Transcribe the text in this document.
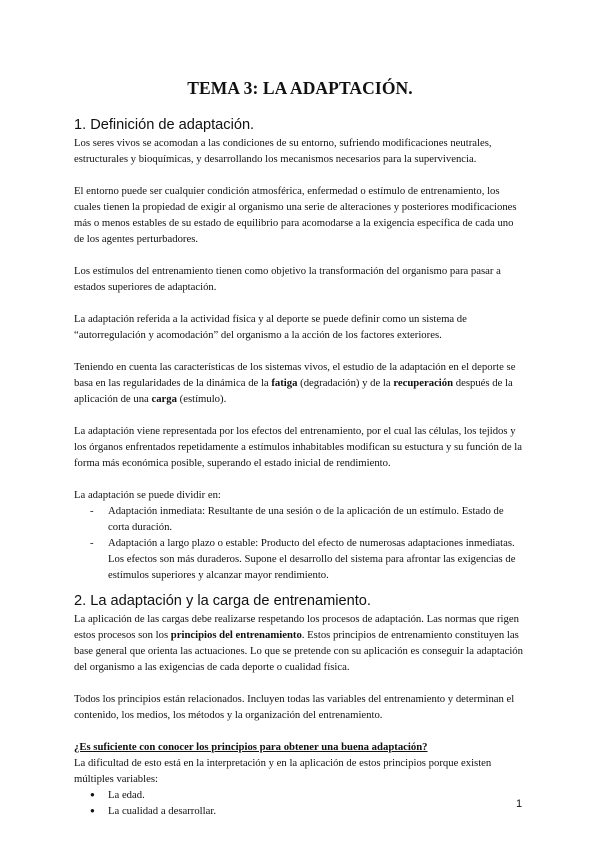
TEMA 3: LA ADAPTACIÓN.
1. Definición de adaptación.

Los seres vivos se acomodan a las condiciones de su entorno, sufriendo modificaciones neutrales, estructurales y bioquímicas, y desarrollando los mecanismos necesarios para la supervivencia.

El entorno puede ser cualquier condición atmosférica, enfermedad o estímulo de entrenamiento, los cuales tienen la propiedad de exigir al organismo una serie de alteraciones y posteriores modificaciones más o menos estables de su estado de equilibrio para acomodarse a la exigencia específica de cada uno de los agentes perturbadores.

Los estímulos del entrenamiento tienen como objetivo la transformación del organismo para pasar a estados superiores de adaptación.

La adaptación referida a la actividad física y al deporte se puede definir como un sistema de “autorregulación y acomodación” del organismo a la acción de los factores exteriores.

Teniendo en cuenta las características de los sistemas vivos, el estudio de la adaptación en el deporte se basa en las regularidades de la dinámica de la fatiga (degradación) y de la recuperación después de la aplicación de una carga (estímulo).

La adaptación viene representada por los efectos del entrenamiento, por el cual las células, los tejidos y los órganos enfrentados repetidamente a estímulos inhabitables modifican su estuctura y su función de la forma más económica posible, superando el estado inicial de rendimiento.

La adaptación se puede dividir en:

- Adaptación inmediata: Resultante de una sesión o de la aplicación de un estímulo. Estado de corta duración.
- Adaptación a largo plazo o estable: Producto del efecto de numerosas adaptaciones inmediatas. Los efectos son más duraderos. Supone el desarrollo del sistema para afrontar las exigencias de estímulos superiores y alcanzar mayor rendimiento.
2. La adaptación y la carga de entrenamiento.

La aplicación de las cargas debe realizarse respetando los procesos de adaptación. Las normas que rigen estos procesos son los principios del entrenamiento. Estos principios de entrenamiento constituyen las base general que orienta las actuaciones. Lo que se pretende con su aplicación es conseguir la adaptación del organismo a las exigencias de cada deporte o cualidad física.

Todos los principios están relacionados. Incluyen todas las variables del entrenamiento y determinan el contenido, los medios, los métodos y la organización del entrenamiento.

¿Es suficiente con conocer los principios para obtener una buena adaptación?

La dificultad de esto está en la interpretación y en la aplicación de estos principios porque existen múltiples variables:

● La edad.
● La cualidad a desarrollar.
1
